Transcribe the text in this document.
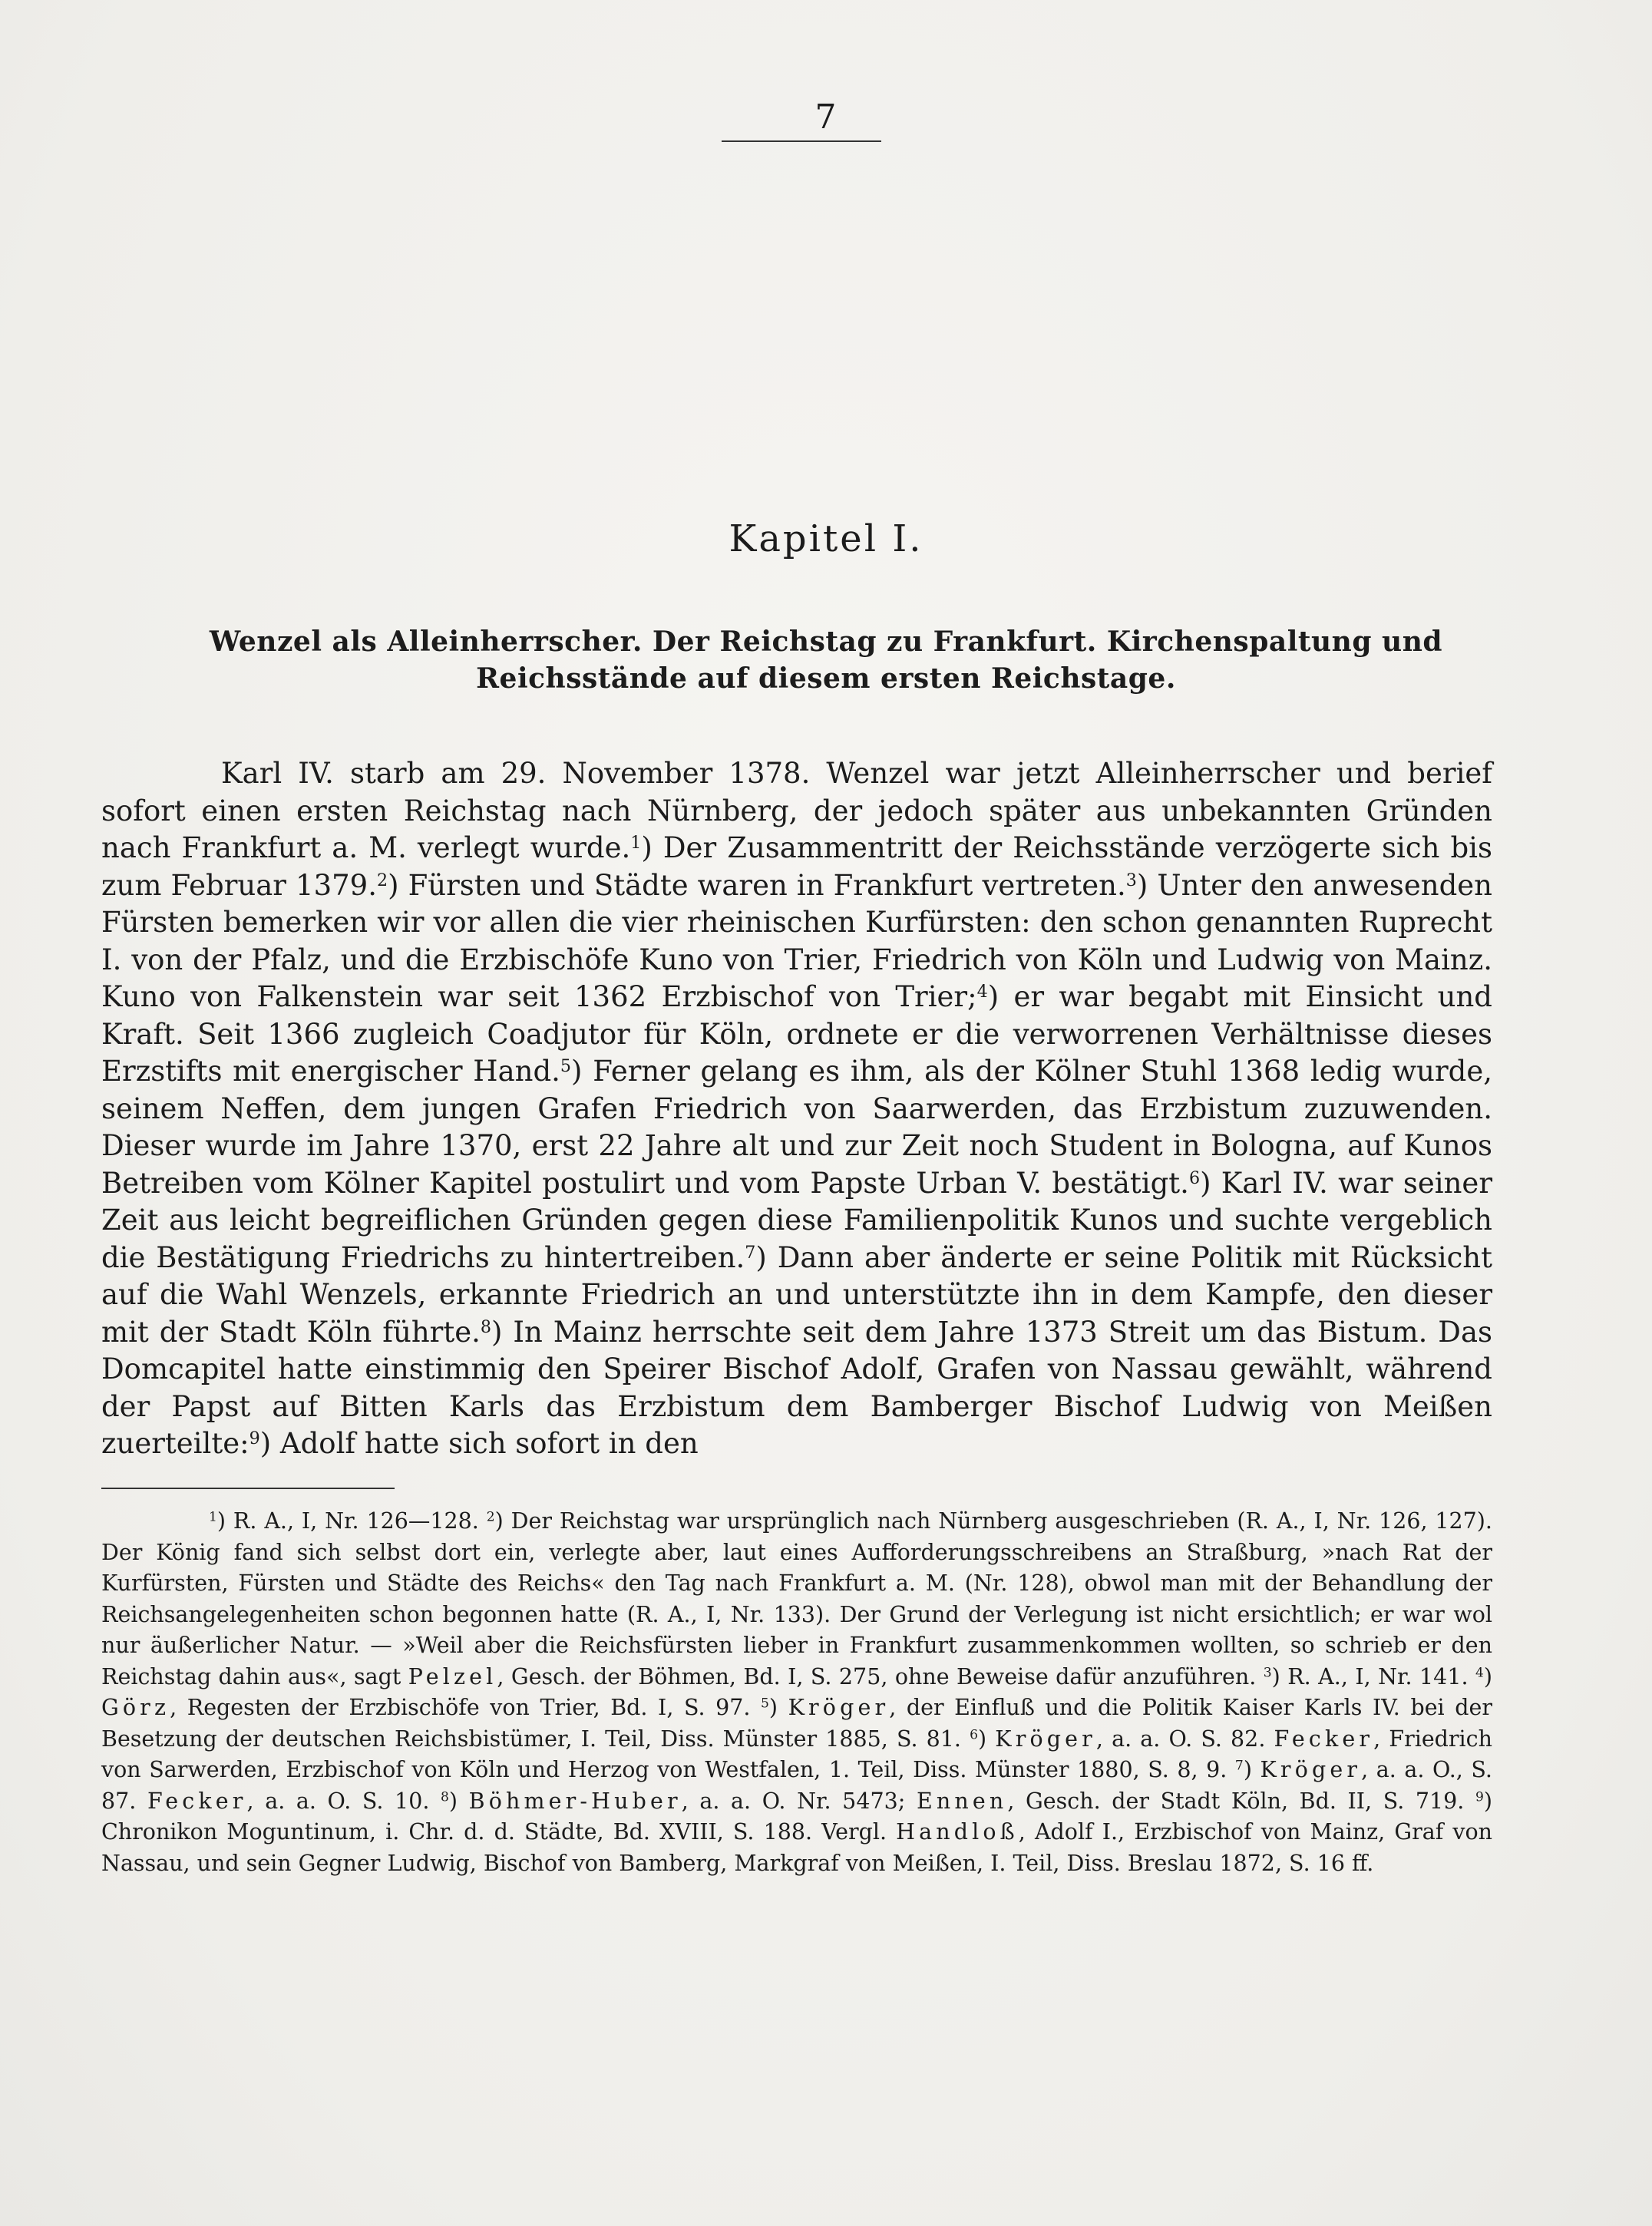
7
Kapitel I.
Wenzel als Alleinherrscher. Der Reichstag zu Frankfurt. Kirchenspaltung und Reichsstände auf diesem ersten Reichstage.

Karl IV. starb am 29. November 1378. Wenzel war jetzt Alleinherrscher und berief sofort einen ersten Reichstag nach Nürnberg, der jedoch später aus unbekannten Gründen nach Frankfurt a. M. verlegt wurde.$^1$) Der Zusammentritt der Reichsstände verzögerte sich bis zum Februar 1379.$^2$) Fürsten und Städte waren in Frankfurt vertreten.$^3$) Unter den anwesenden Fürsten bemerken wir vor allen die vier rheinischen Kurfürsten: den schon genannten Ruprecht I. von der Pfalz, und die Erzbischöfe Kuno von Trier, Friedrich von Köln und Ludwig von Mainz. Kuno von Falkenstein war seit 1362 Erzbischof von Trier;$^4$) er war begabt mit Einsicht und Kraft. Seit 1366 zugleich Coadjutor für Köln, ordnete er die verworrenen Verhältnisse dieses Erzstifts mit energischer Hand.$^5$) Ferner gelang es ihm, als der Kölner Stuhl 1368 ledig wurde, seinem Neffen, dem jungen Grafen Friedrich von Saarwerden, das Erzbistum zuzuwenden. Dieser wurde im Jahre 1370, erst 22 Jahre alt und zur Zeit noch Student in Bologna, auf Kunos Betreiben vom Kölner Kapitel postulirt und vom Papste Urban V. bestätigt.$^6$) Karl IV. war seiner Zeit aus leicht begreiflichen Gründen gegen diese Familienpolitik Kunos und suchte vergeblich die Bestätigung Friedrichs zu hintertreiben.$^7$) Dann aber änderte er seine Politik mit Rücksicht auf die Wahl Wenzels, erkannte Friedrich an und unterstützte ihn in dem Kampfe, den dieser mit der Stadt Köln führte.$^8$) In Mainz herrschte seit dem Jahre 1373 Streit um das Bistum. Das Domcapitel hatte einstimmig den Speirer Bischof Adolf, Grafen von Nassau gewählt, während der Papst auf Bitten Karls das Erzbistum dem Bamberger Bischof Ludwig von Meißen zuerteilte:$^9$) Adolf hatte sich sofort in den

$^1$) R. A., I, Nr. 126—128. $^2$) Der Reichstag war ursprünglich nach Nürnberg ausgeschrieben (R. A., I, Nr. 126, 127). Der König fand sich selbst dort ein, verlegte aber, laut eines Aufforderungsschreibens an Straßburg, »nach Rat der Kurfürsten, Fürsten und Städte des Reichs« den Tag nach Frankfurt a. M. (Nr. 128), obwol man mit der Behandlung der Reichsangelegenheiten schon begonnen hatte (R. A., I, Nr. 133). Der Grund der Verlegung ist nicht ersichtlich; er war wol nur äußerlicher Natur. — »Weil aber die Reichsfürsten lieber in Frankfurt zusammenkommen wollten, so schrieb er den Reichstag dahin aus«, sagt Pelzel, Gesch. der Böhmen, Bd. I, S. 275, ohne Beweise dafür anzuführen. $^3$) R. A., I, Nr. 141. $^4$) Görz, Regesten der Erzbischöfe von Trier, Bd. I, S. 97. $^5$) Kröger, der Einfluß und die Politik Kaiser Karls IV. bei der Besetzung der deutschen Reichsbistümer, I. Teil, Diss. Münster 1885, S. 81. $^6$) Kröger, a. a. O. S. 82. Fecker, Friedrich von Sarwerden, Erzbischof von Köln und Herzog von Westfalen, 1. Teil, Diss. Münster 1880, S. 8, 9. $^7$) Kröger, a. a. O., S. 87. Fecker, a. a. O. S. 10. $^8$) Böhmer-Huber, a. a. O. Nr. 5473; Ennen, Gesch. der Stadt Köln, Bd. II, S. 719. $^9$) Chronikon Moguntinum, i. Chr. d. d. Städte, Bd. XVIII, S. 188. Vergl. Handloß, Adolf I., Erzbischof von Mainz, Graf von Nassau, und sein Gegner Ludwig, Bischof von Bamberg, Markgraf von Meißen, I. Teil, Diss. Breslau 1872, S. 16 ff.
